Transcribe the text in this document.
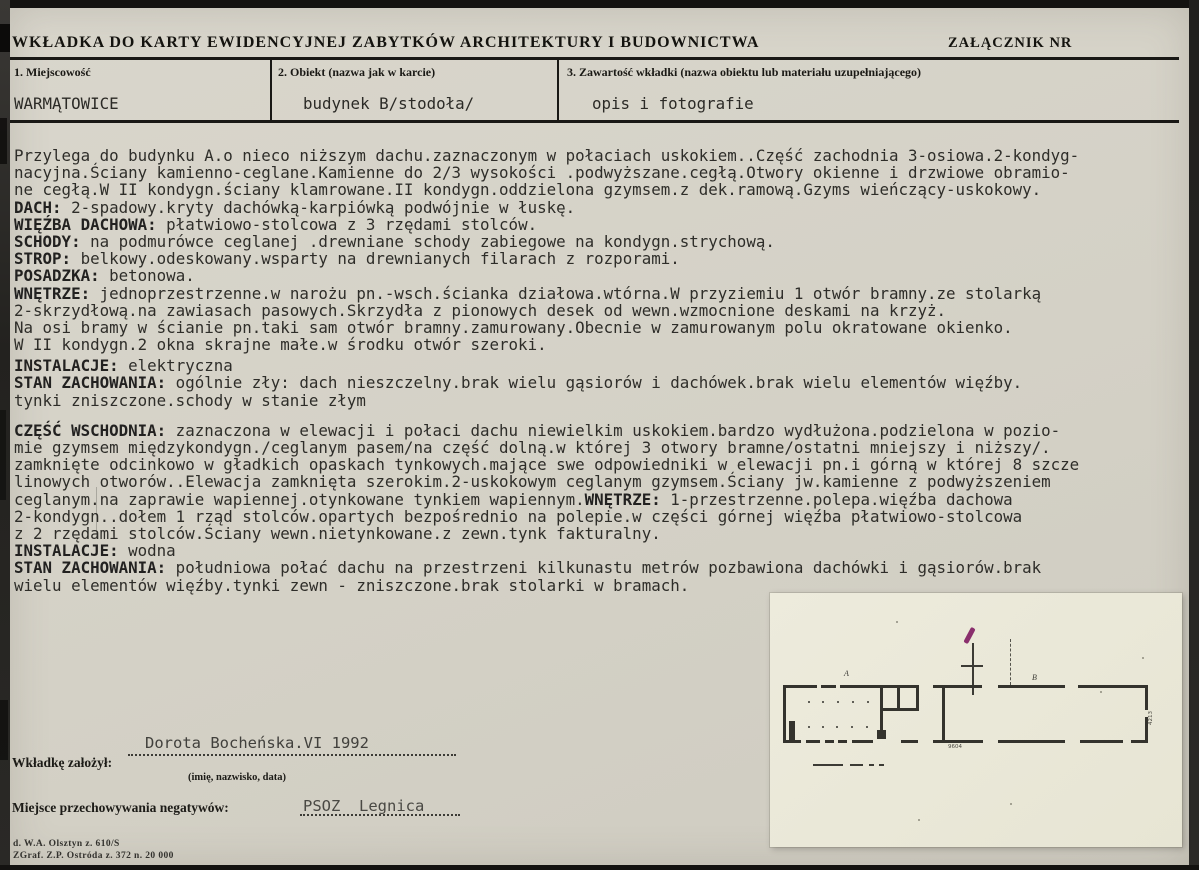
WKŁADKA DO KARTY EWIDENCYJNEJ ZABYTKÓW ARCHITEKTURY I BUDOWNICTWA	ZAŁĄCZNIK NR
1. Miejscowość	2. Obiekt (nazwa jak w karcie)	3. Zawartość wkładki (nazwa obiektu lub materiału uzupełniającego)
WARMĄTOWICE	budynek B/stodoła/	opis i fotografie
Przylega do budynku A.o nieco niższym dachu.zaznaczonym w połaciach uskokiem..Część zachodnia 3-osiowa.2-kondyg-
nacyjna.Ściany kamienno-ceglane.Kamienne do 2/3 wysokości .podwyższane.cegłą.Otwory okienne i drzwiowe obramio-
ne cegłą.W II kondygn.ściany klamrowane.II kondygn.oddzielona gzymsem.z dek.ramową.Gzyms wieńczący-uskokowy.
DACH: 2-spadowy.kryty dachówką-karpiówką podwójnie w łuskę.
WIĘŹBA DACHOWA: płatwiowo-stolcowa z 3 rzędami stolców.
SCHODY: na podmurówce ceglanej .drewniane schody zabiegowe na kondygn.strychową.
STROP: belkowy.odeskowany.wsparty na drewnianych filarach z rozporami.
POSADZKA: betonowa.
WNĘTRZE: jednoprzestrzenne.w narożu pn.-wsch.ścianka działowa.wtórna.W przyziemiu 1 otwór bramny.ze stolarką
2-skrzydłową.na zawiasach pasowych.Skrzydła z pionowych desek od wewn.wzmocnione deskami na krzyż.
Na osi bramy w ścianie pn.taki sam otwór bramny.zamurowany.Obecnie w zamurowanym polu okratowane okienko.
W II kondygn.2 okna skrajne małe.w środku otwór szeroki.
INSTALACJE: elektryczna
STAN ZACHOWANIA: ogólnie zły: dach nieszczelny.brak wielu gąsiorów i dachówek.brak wielu elementów więźby.
tynki zniszczone.schody w stanie złym
CZĘŚĆ WSCHODNIA: zaznaczona w elewacji i połaci dachu niewielkim uskokiem.bardzo wydłużona.podzielona w pozio-
mie gzymsem międzykondygn./ceglanym pasem/na część dolną.w której 3 otwory bramne/ostatni mniejszy i niższy/.
zamknięte odcinkowo w gładkich opaskach tynkowych.mające swe odpowiedniki w elewacji pn.i górną w której 8 szcze
linowych otworów..Elewacja zamknięta szerokim.2-uskokowym ceglanym gzymsem.Ściany jw.kamienne z podwyższeniem
ceglanym.na zaprawie wapiennej.otynkowane tynkiem wapiennym.WNĘTRZE: 1-przestrzenne.polepa.więźba dachowa
2-kondygn..dołem 1 rząd stolców.opartych bezpośrednio na polepie.w części górnej więźba płatwiowo-stolcowa
z 2 rzędami stolców.Ściany wewn.nietynkowane.z zewn.tynk fakturalny.
INSTALACJE: wodna
STAN ZACHOWANIA: południowa połać dachu na przestrzeni kilkunastu metrów pozbawiona dachówki i gąsiorów.brak
wielu elementów więźby.tynki zewn - zniszczone.brak stolarki w bramach.
Dorota Bocheńska.VI 1992
Wkładkę założył:
(imię, nazwisko, data)
Miejsce przechowywania negatywów:	PSOZ  Legnica
d. W.A. Olsztyn z. 610/S
ZGraf. Z.P. Ostróda z. 372 n. 20 000
A	B
9604
4213
